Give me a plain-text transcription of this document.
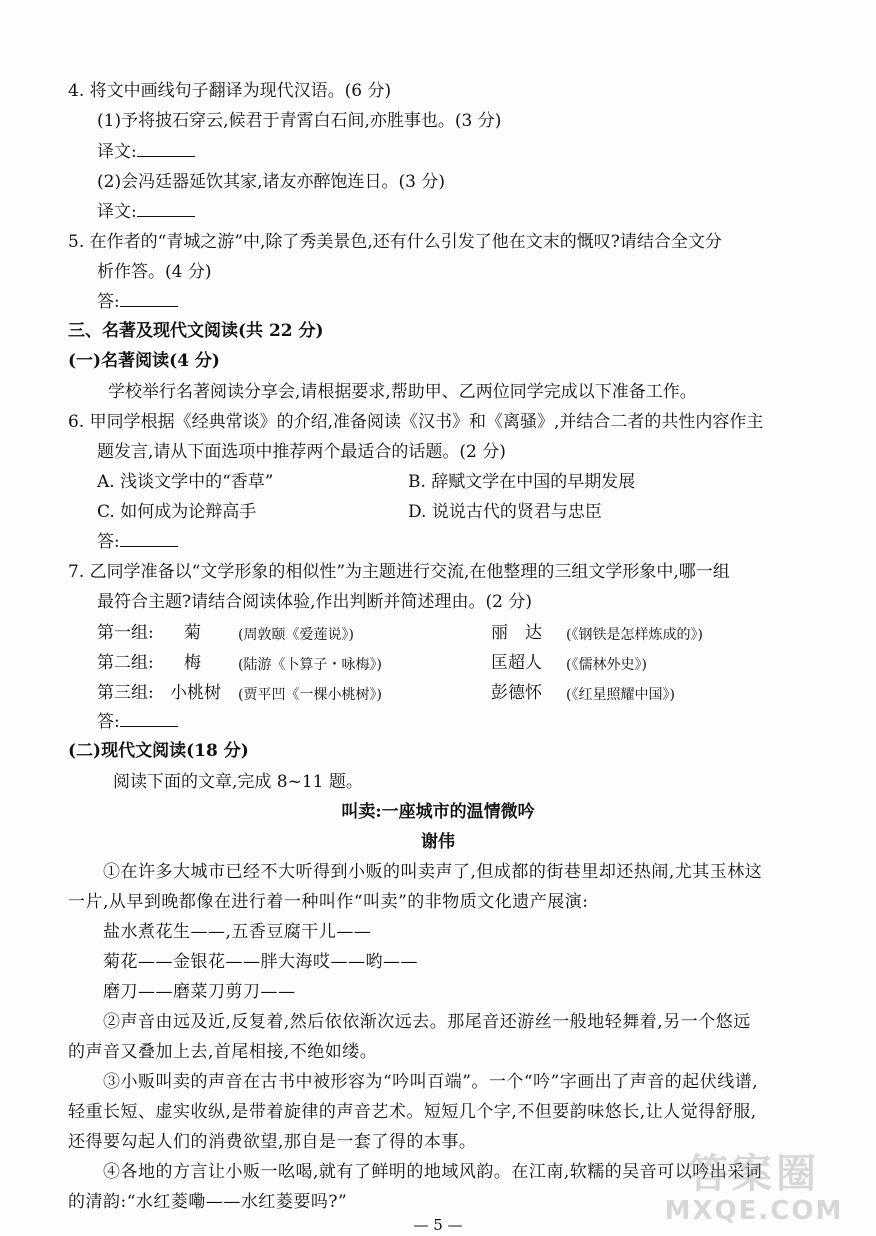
4. 将文中画线句子翻译为现代汉语。(6 分)
(1)予将披石穿云,候君于青霄白石间,亦胜事也。(3 分)
译文:
(2)会冯廷器延饮其家,诸友亦醉饱连日。(3 分)
译文:
5. 在作者的“青城之游”中,除了秀美景色,还有什么引发了他在文末的慨叹?请结合全文分
析作答。(4 分)
答:
三、名著及现代文阅读(共 22 分)
(一)名著阅读(4 分)
学校举行名著阅读分享会,请根据要求,帮助甲、乙两位同学完成以下准备工作。
6. 甲同学根据《经典常谈》的介绍,准备阅读《汉书》和《离骚》,并结合二者的共性内容作主
题发言,请从下面选项中推荐两个最适合的话题。(2 分)
A. 浅谈文学中的“香草”	B. 辞赋文学在中国的早期发展
C. 如何成为论辩高手	D. 说说古代的贤君与忠臣
答:
7. 乙同学准备以“文学形象的相似性”为主题进行交流,在他整理的三组文学形象中,哪一组
最符合主题?请结合阅读体验,作出判断并简述理由。(2 分)
第一组: 菊	(周敦颐《爱莲说》)	丽　达 (《钢铁是怎样炼成的》)
第二组: 梅	(陆游《卜算子・咏梅》)	匡超人 (《儒林外史》)
第三组: 小桃树 (贾平凹《一棵小桃树》)	彭德怀 (《红星照耀中国》)
答:
(二)现代文阅读(18 分)
阅读下面的文章,完成 8~11 题。
叫卖:一座城市的温情微吟
谢伟
①在许多大城市已经不大听得到小贩的叫卖声了,但成都的街巷里却还热闹,尤其玉林这
一片,从早到晚都像在进行着一种叫作“叫卖”的非物质文化遗产展演:
盐水煮花生——,五香豆腐干儿——
菊花——金银花——胖大海哎——哟——
磨刀——磨菜刀剪刀——
②声音由远及近,反复着,然后依依渐次远去。那尾音还游丝一般地轻舞着,另一个悠远
的声音又叠加上去,首尾相接,不绝如缕。
③小贩叫卖的声音在古书中被形容为“吟叫百端”。一个“吟”字画出了声音的起伏线谱,
轻重长短、虚实收纵,是带着旋律的声音艺术。短短几个字,不但要韵味悠长,让人觉得舒服,
还得要勾起人们的消费欲望,那自是一套了得的本事。
④各地的方言让小贩一吆喝,就有了鲜明的地域风韵。在江南,软糯的吴音可以吟出采词
的清韵:“水红菱嘞——水红菱要吗?”
— 5 —
答案圈
MXQE.COM
